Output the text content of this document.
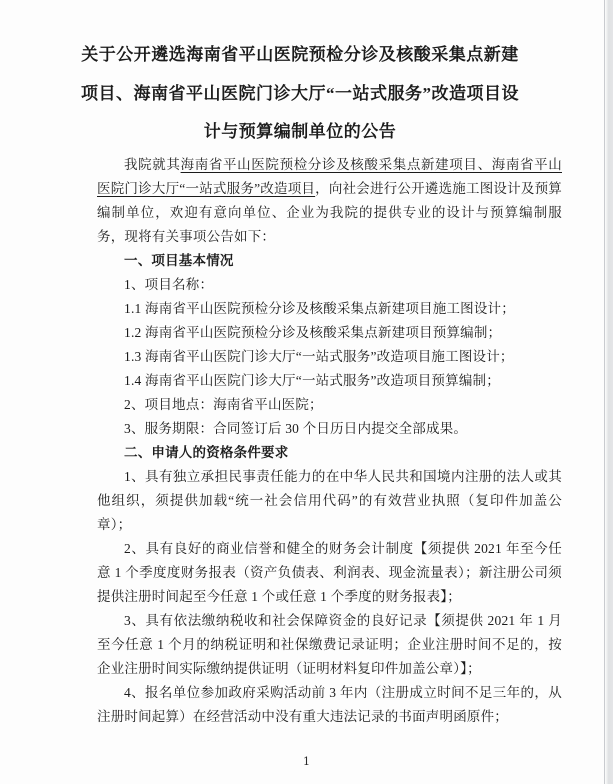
关于公开遴选海南省平山医院预检分诊及核酸采集点新建项目、海南省平山医院门诊大厅“一站式服务”改造项目设计与预算编制单位的公告

我院就其海南省平山医院预检分诊及核酸采集点新建项目、海南省平山医院门诊大厅“一站式服务”改造项目，向社会进行公开遴选施工图设计及预算编制单位，欢迎有意向单位、企业为我院的提供专业的设计与预算编制服务，现将有关事项公告如下：

一、项目基本情况

1、项目名称：

1.1 海南省平山医院预检分诊及核酸采集点新建项目施工图设计；

1.2 海南省平山医院预检分诊及核酸采集点新建项目预算编制；

1.3 海南省平山医院门诊大厅“一站式服务”改造项目施工图设计；

1.4 海南省平山医院门诊大厅“一站式服务”改造项目预算编制；

2、项目地点：海南省平山医院；

3、服务期限：合同签订后 30 个日历日内提交全部成果。

二、申请人的资格条件要求

1、具有独立承担民事责任能力的在中华人民共和国境内注册的法人或其他组织，须提供加载“统一社会信用代码”的有效营业执照（复印件加盖公章）；

2、具有良好的商业信誉和健全的财务会计制度【须提供 2021 年至今任意 1 个季度度财务报表（资产负债表、利润表、现金流量表）；新注册公司须提供注册时间起至今任意 1 个或任意 1 个季度的财务报表】；

3、具有依法缴纳税收和社会保障资金的良好记录【须提供 2021 年 1 月至今任意 1 个月的纳税证明和社保缴费记录证明；企业注册时间不足的，按企业注册时间实际缴纳提供证明（证明材料复印件加盖公章）】；

4、报名单位参加政府采购活动前 3 年内（注册成立时间不足三年的，从注册时间起算）在经营活动中没有重大违法记录的书面声明函原件；

1
